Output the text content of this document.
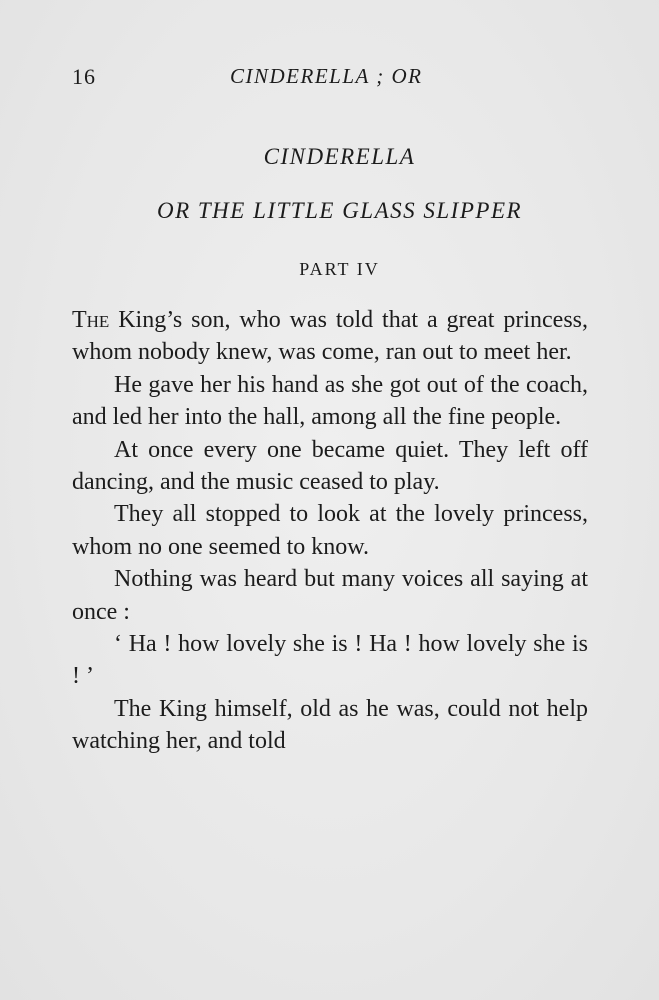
16	CINDERELLA ; OR
CINDERELLA
OR THE LITTLE GLASS SLIPPER
PART IV

The King’s son, who was told that a great princess, whom nobody knew, was come, ran out to meet her.

He gave her his hand as she got out of the coach, and led her into the hall, among all the fine people.

At once every one became quiet. They left off dancing, and the music ceased to play.

They all stopped to look at the lovely princess, whom no one seemed to know.

Nothing was heard but many voices all saying at once :

‘ Ha ! how lovely she is ! Ha ! how lovely she is ! ’

The King himself, old as he was, could not help watching her, and told
